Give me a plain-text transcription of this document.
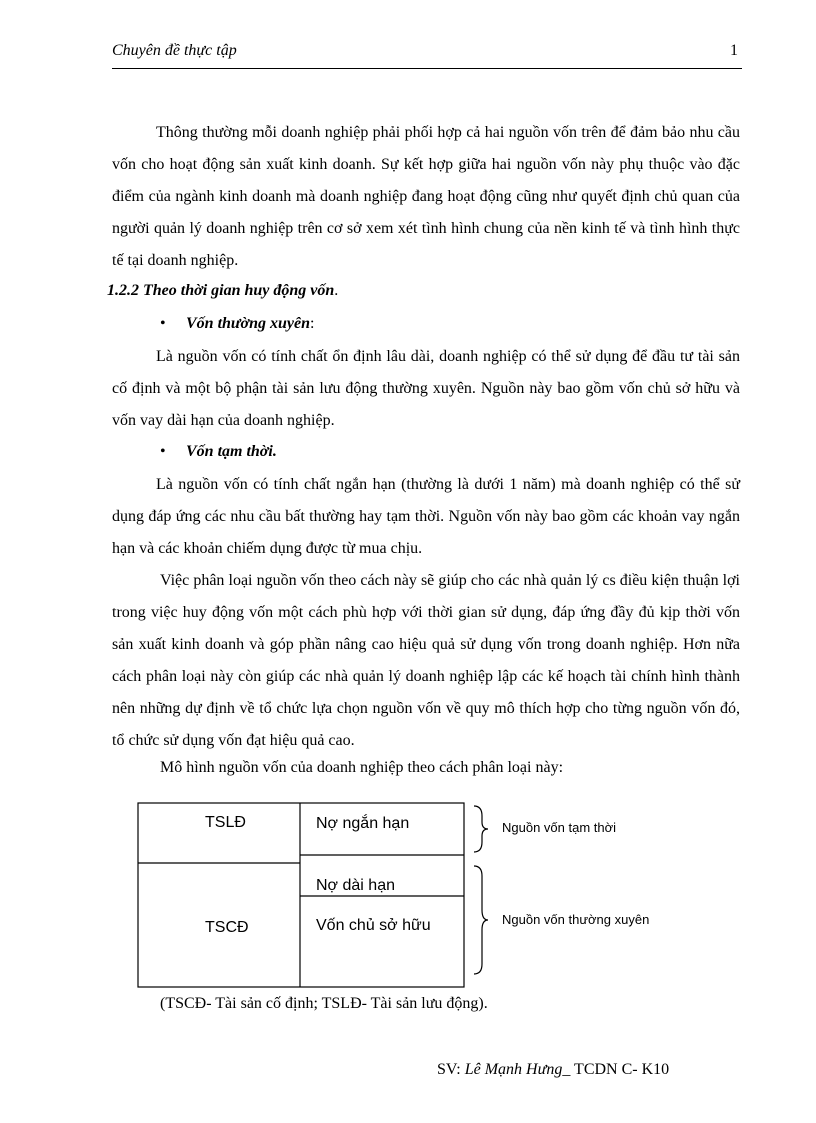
Chuyên đề thực tập	1
Thông thường mỗi doanh nghiệp phải phối hợp cả hai nguồn vốn trên để đảm bảo nhu cầu vốn cho hoạt động sản xuất kinh doanh. Sự kết hợp giữa hai nguồn vốn này phụ thuộc vào đặc điểm của ngành kinh doanh mà doanh nghiệp đang hoạt động cũng như quyết định chủ quan của người quản lý doanh nghiệp trên cơ sở xem xét tình hình chung của nền kinh tế và tình hình thực tế tại doanh nghiệp.
1.2.2 Theo thời gian huy động vốn.
• Vốn thường xuyên:
Là nguồn vốn có tính chất ổn định lâu dài, doanh nghiệp có thể sử dụng để đầu tư tài sản cố định và một bộ phận tài sản lưu động thường xuyên. Nguồn này bao gồm vốn chủ sở hữu và vốn vay dài hạn của doanh nghiệp.
• Vốn tạm thời.
Là nguồn vốn có tính chất ngắn hạn (thường là dưới 1 năm) mà doanh nghiệp có thể sử dụng đáp ứng các nhu cầu bất thường hay tạm thời. Nguồn vốn này bao gồm các khoản vay ngắn hạn và các khoản chiếm dụng được từ mua chịu.
Việc phân loại nguồn vốn theo cách này sẽ giúp cho các nhà quản lý cs điều kiện thuận lợi trong việc huy động vốn một cách phù hợp với thời gian sử dụng, đáp ứng đầy đủ kịp thời vốn sản xuất kinh doanh và góp phần nâng cao hiệu quả sử dụng vốn trong doanh nghiệp. Hơn nữa cách phân loại này còn giúp các nhà quản lý doanh nghiệp lập các kế hoạch tài chính hình thành nên những dự định về tổ chức lựa chọn nguồn vốn về quy mô thích hợp cho từng nguồn vốn đó, tổ chức sử dụng vốn đạt hiệu quả cao.
Mô hình nguồn vốn của doanh nghiệp theo cách phân loại này:
TSLĐ
TSCĐ
Nợ ngắn hạn
Nợ dài hạn
Vốn chủ sở hữu
Nguồn vốn tạm thời
Nguồn vốn thường xuyên
(TSCĐ- Tài sản cố định; TSLĐ- Tài sản lưu động).
SV: Lê Mạnh Hưng_ TCDN C- K10
